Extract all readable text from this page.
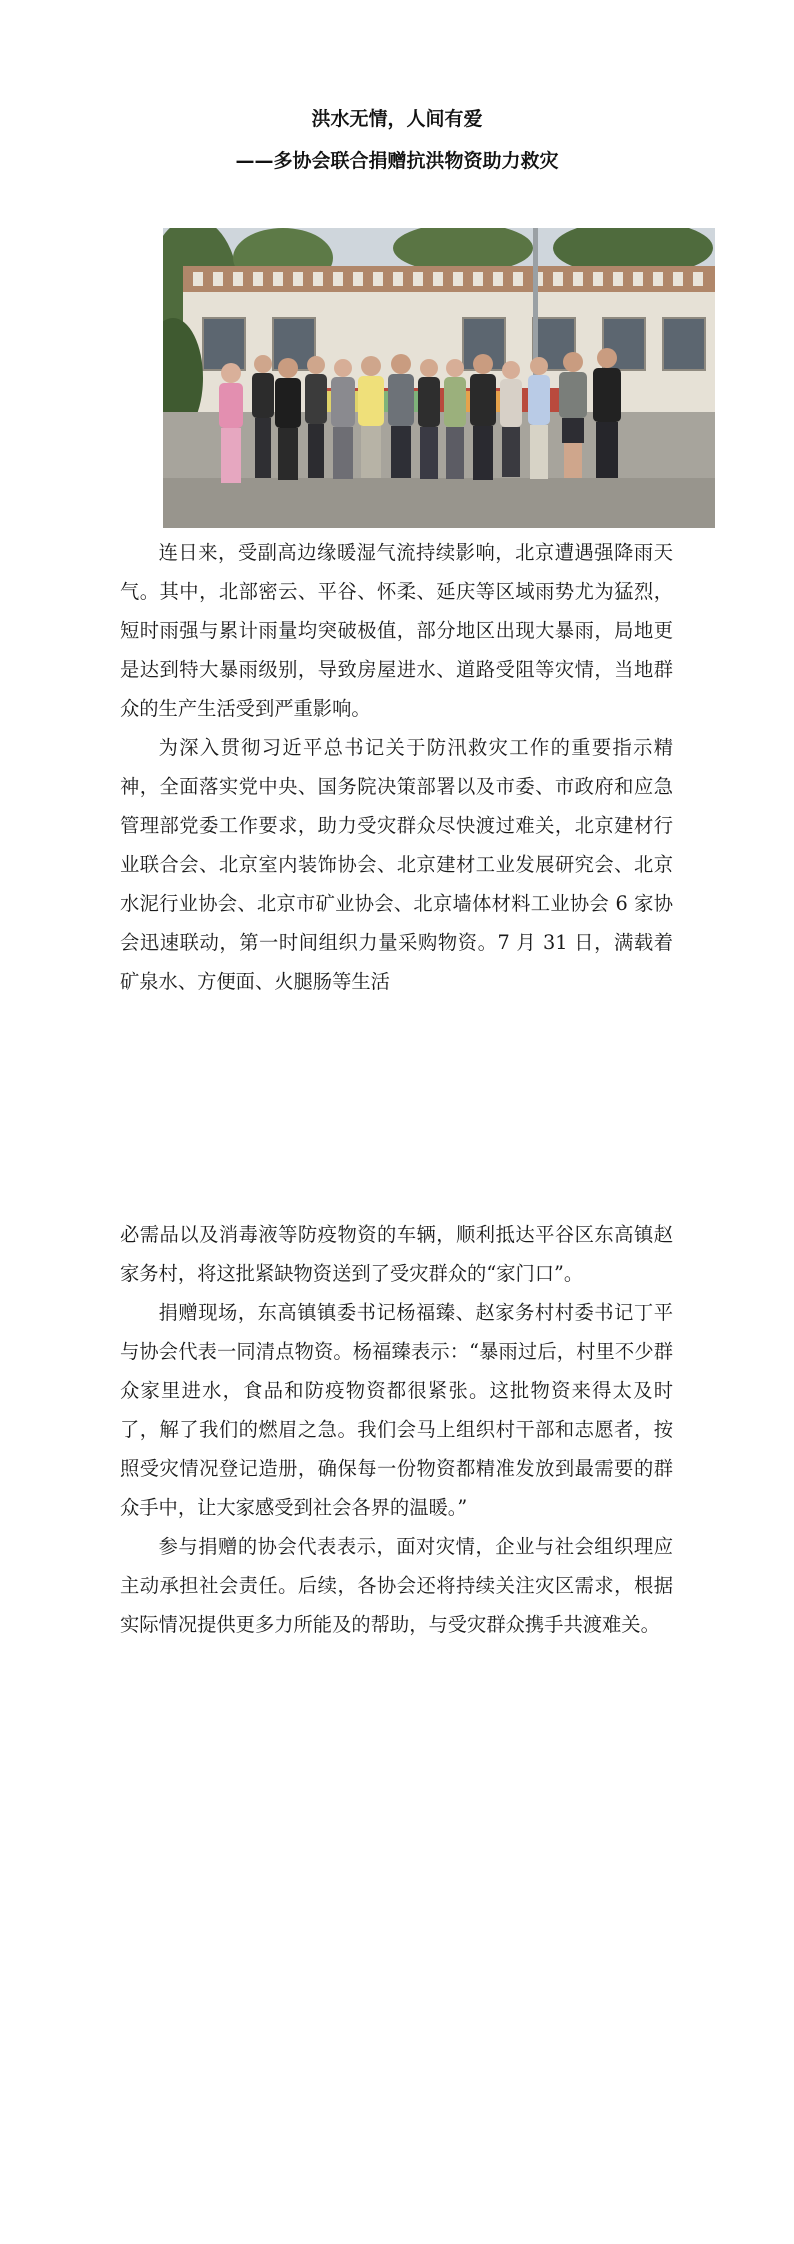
洪水无情，人间有爱
——多协会联合捐赠抗洪物资助力救灾

连日来，受副高边缘暖湿气流持续影响，北京遭遇强降雨天气。其中，北部密云、平谷、怀柔、延庆等区域雨势尤为猛烈，短时雨强与累计雨量均突破极值，部分地区出现大暴雨，局地更是达到特大暴雨级别，导致房屋进水、道路受阻等灾情，当地群众的生产生活受到严重影响。

为深入贯彻习近平总书记关于防汛救灾工作的重要指示精神，全面落实党中央、国务院决策部署以及市委、市政府和应急管理部党委工作要求，助力受灾群众尽快渡过难关，北京建材行业联合会、北京室内装饰协会、北京建材工业发展研究会、北京水泥行业协会、北京市矿业协会、北京墙体材料工业协会 6 家协会迅速联动，第一时间组织力量采购物资。7 月 31 日，满载着矿泉水、方便面、火腿肠等生活

必需品以及消毒液等防疫物资的车辆，顺利抵达平谷区东高镇赵家务村，将这批紧缺物资送到了受灾群众的“家门口”。

捐赠现场，东高镇镇委书记杨福臻、赵家务村村委书记丁平与协会代表一同清点物资。杨福臻表示：“暴雨过后，村里不少群众家里进水，食品和防疫物资都很紧张。这批物资来得太及时了，解了我们的燃眉之急。我们会马上组织村干部和志愿者，按照受灾情况登记造册，确保每一份物资都精准发放到最需要的群众手中，让大家感受到社会各界的温暖。”

参与捐赠的协会代表表示，面对灾情，企业与社会组织理应主动承担社会责任。后续，各协会还将持续关注灾区需求，根据实际情况提供更多力所能及的帮助，与受灾群众携手共渡难关。
